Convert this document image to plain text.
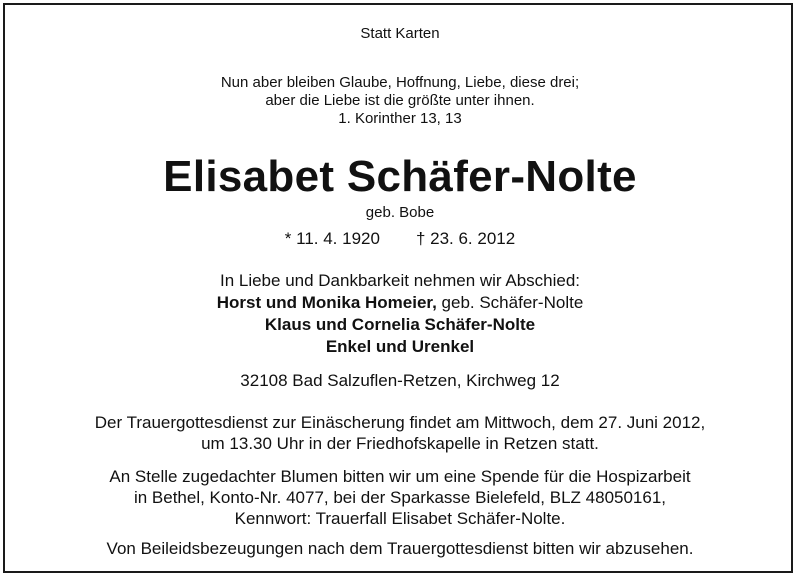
Statt Karten
Nun aber bleiben Glaube, Hoffnung, Liebe, diese drei;
aber die Liebe ist die größte unter ihnen.
1. Korinther 13, 13
Elisabet Schäfer-Nolte
geb. Bobe
* 11. 4. 1920 † 23. 6. 2012
In Liebe und Dankbarkeit nehmen wir Abschied:
Horst und Monika Homeier, geb. Schäfer-Nolte
Klaus und Cornelia Schäfer-Nolte
Enkel und Urenkel
32108 Bad Salzuflen-Retzen, Kirchweg 12
Der Trauergottesdienst zur Einäscherung findet am Mittwoch, dem 27. Juni 2012,
um 13.30 Uhr in der Friedhofskapelle in Retzen statt.
An Stelle zugedachter Blumen bitten wir um eine Spende für die Hospizarbeit
in Bethel, Konto-Nr. 4077, bei der Sparkasse Bielefeld, BLZ 48050161,
Kennwort: Trauerfall Elisabet Schäfer-Nolte.
Von Beileidsbezeugungen nach dem Trauergottesdienst bitten wir abzusehen.
